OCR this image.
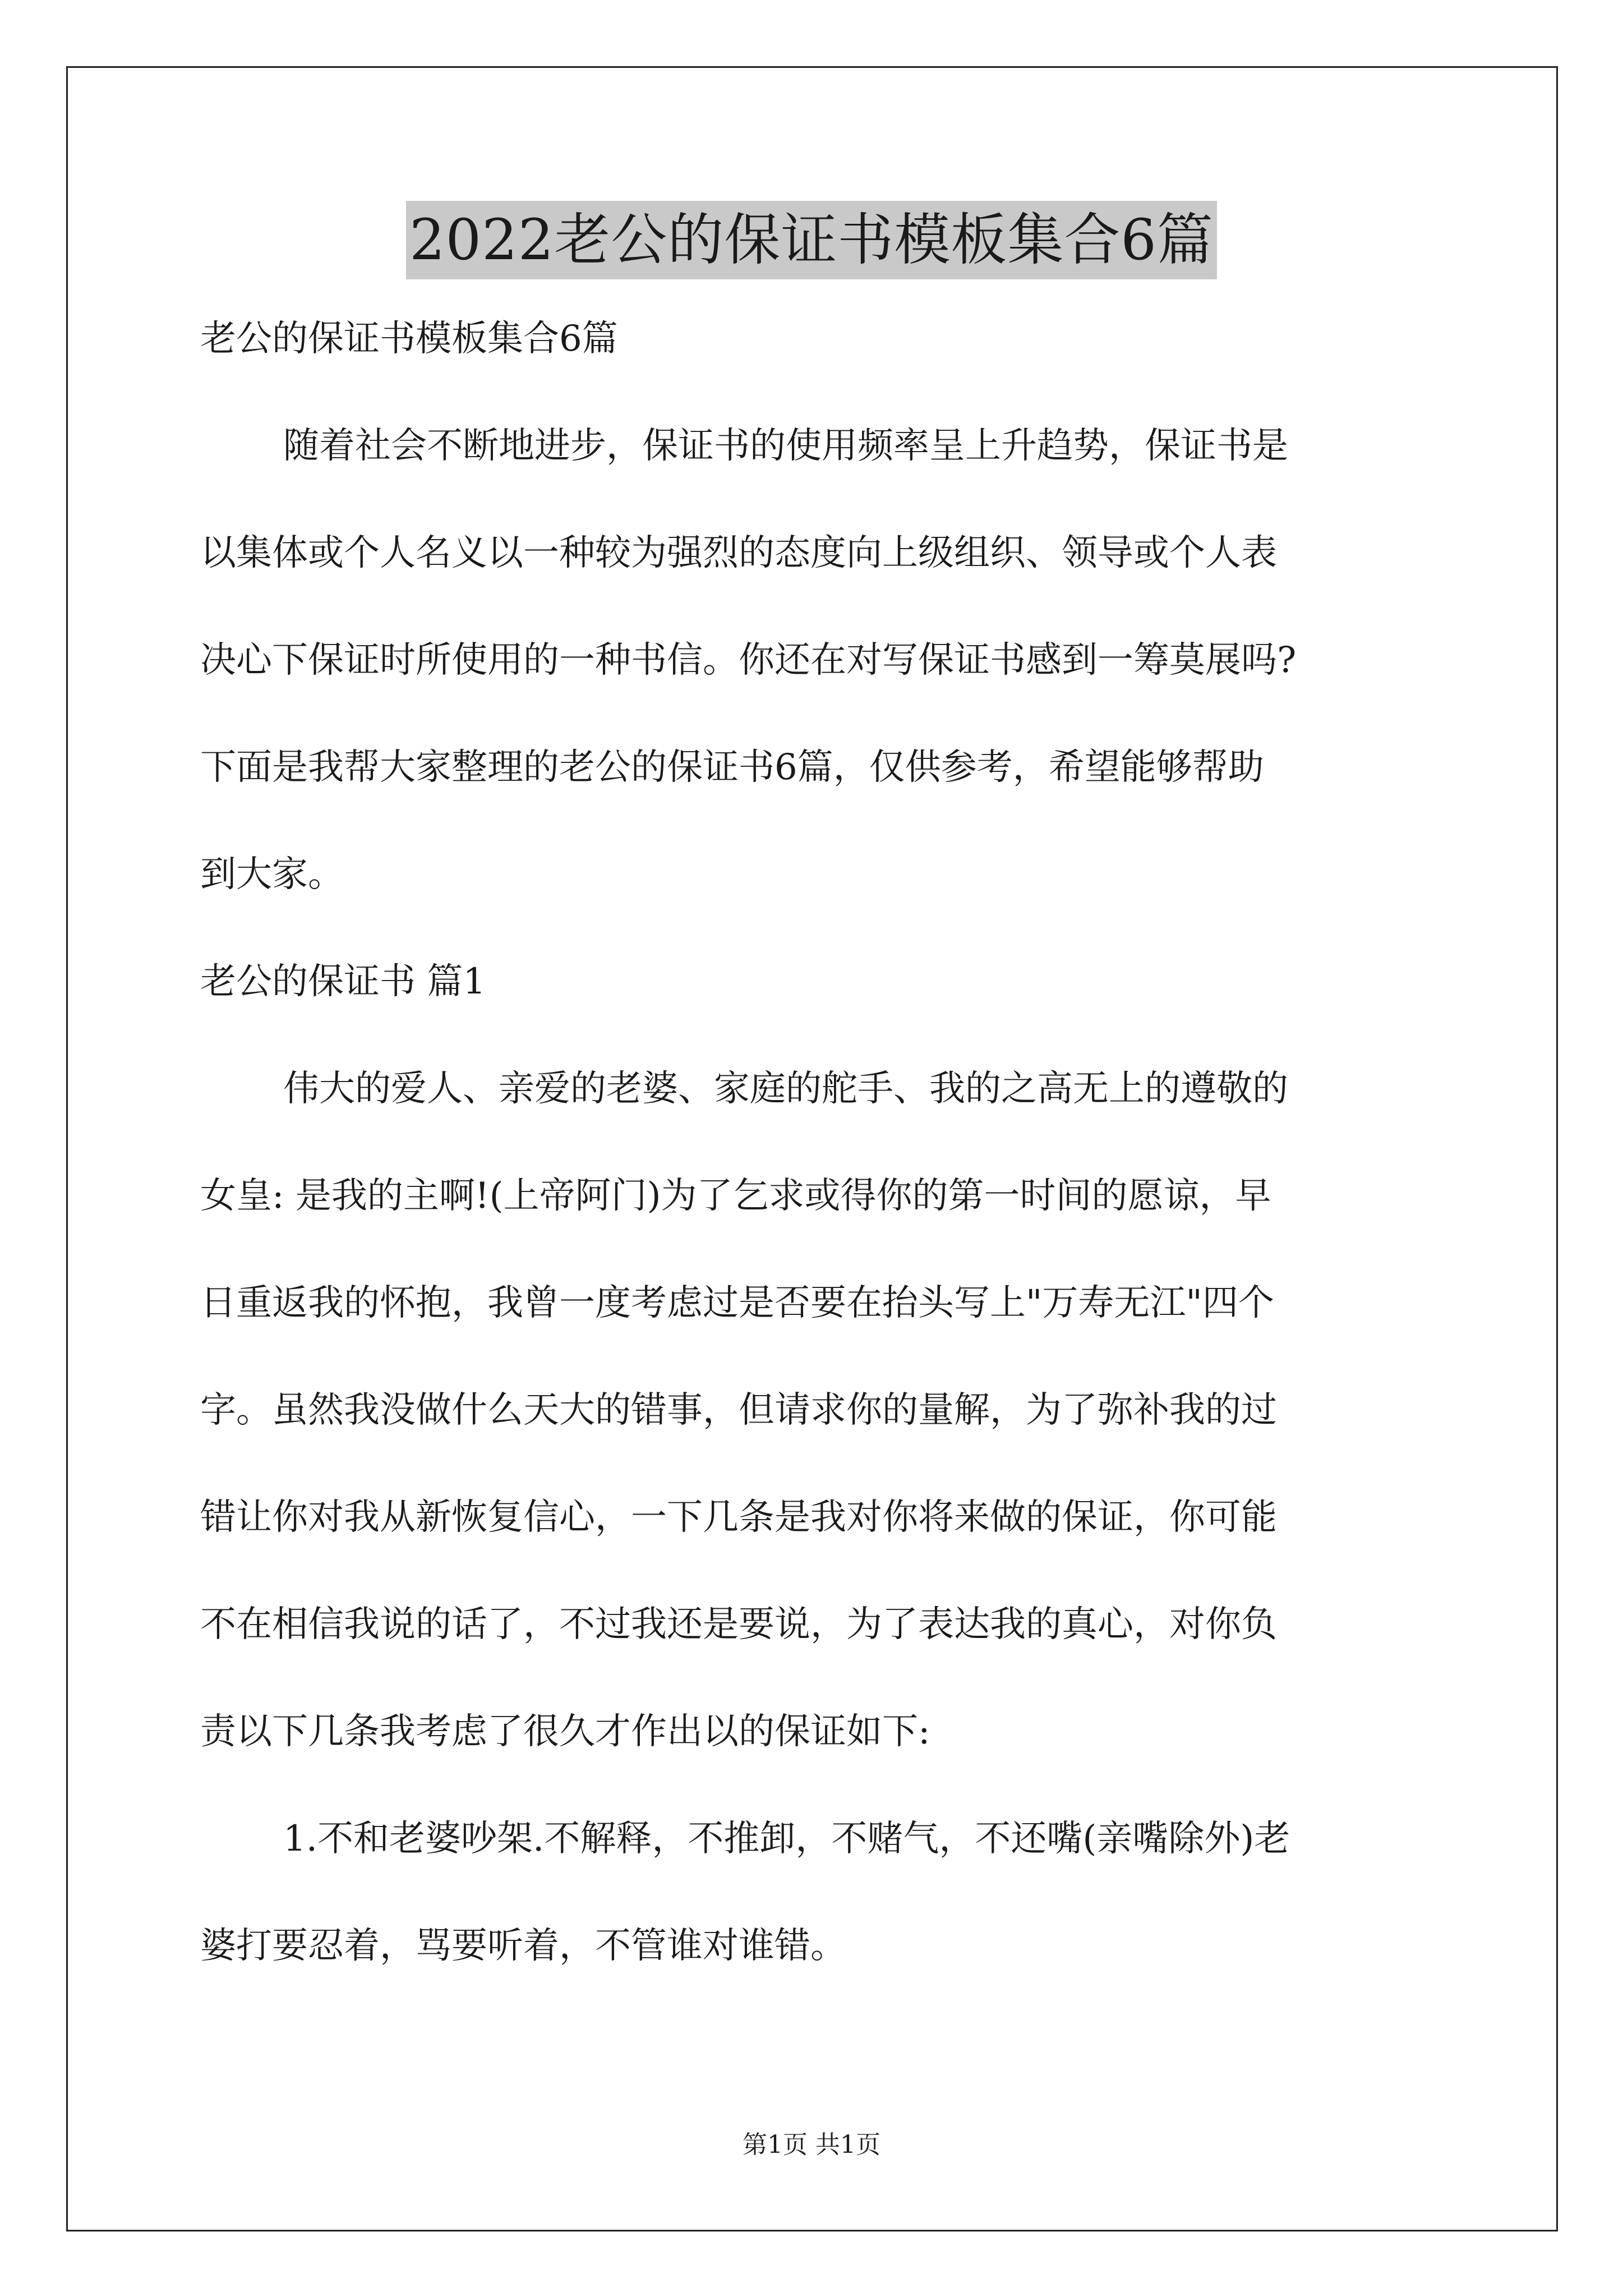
2022老公的保证书模板集合6篇
老公的保证书模板集合6篇
随着社会不断地进步，保证书的使用频率呈上升趋势，保证书是
以集体或个人名义以一种较为强烈的态度向上级组织、领导或个人表
决心下保证时所使用的一种书信。你还在对写保证书感到一筹莫展吗?
下面是我帮大家整理的老公的保证书6篇，仅供参考，希望能够帮助
到大家。
老公的保证书 篇1
伟大的爱人、亲爱的老婆、家庭的舵手、我的之高无上的遵敬的
女皇: 是我的主啊!(上帝阿门)为了乞求或得你的第一时间的愿谅，早
日重返我的怀抱，我曾一度考虑过是否要在抬头写上"万寿无江"四个
字。虽然我没做什么天大的错事，但请求你的量解，为了弥补我的过
错让你对我从新恢复信心，一下几条是我对你将来做的保证，你可能
不在相信我说的话了，不过我还是要说，为了表达我的真心，对你负
责以下几条我考虑了很久才作出以的保证如下:
1.不和老婆吵架.不解释，不推卸，不赌气，不还嘴(亲嘴除外)老
婆打要忍着，骂要听着，不管谁对谁错。
第1页 共1页
